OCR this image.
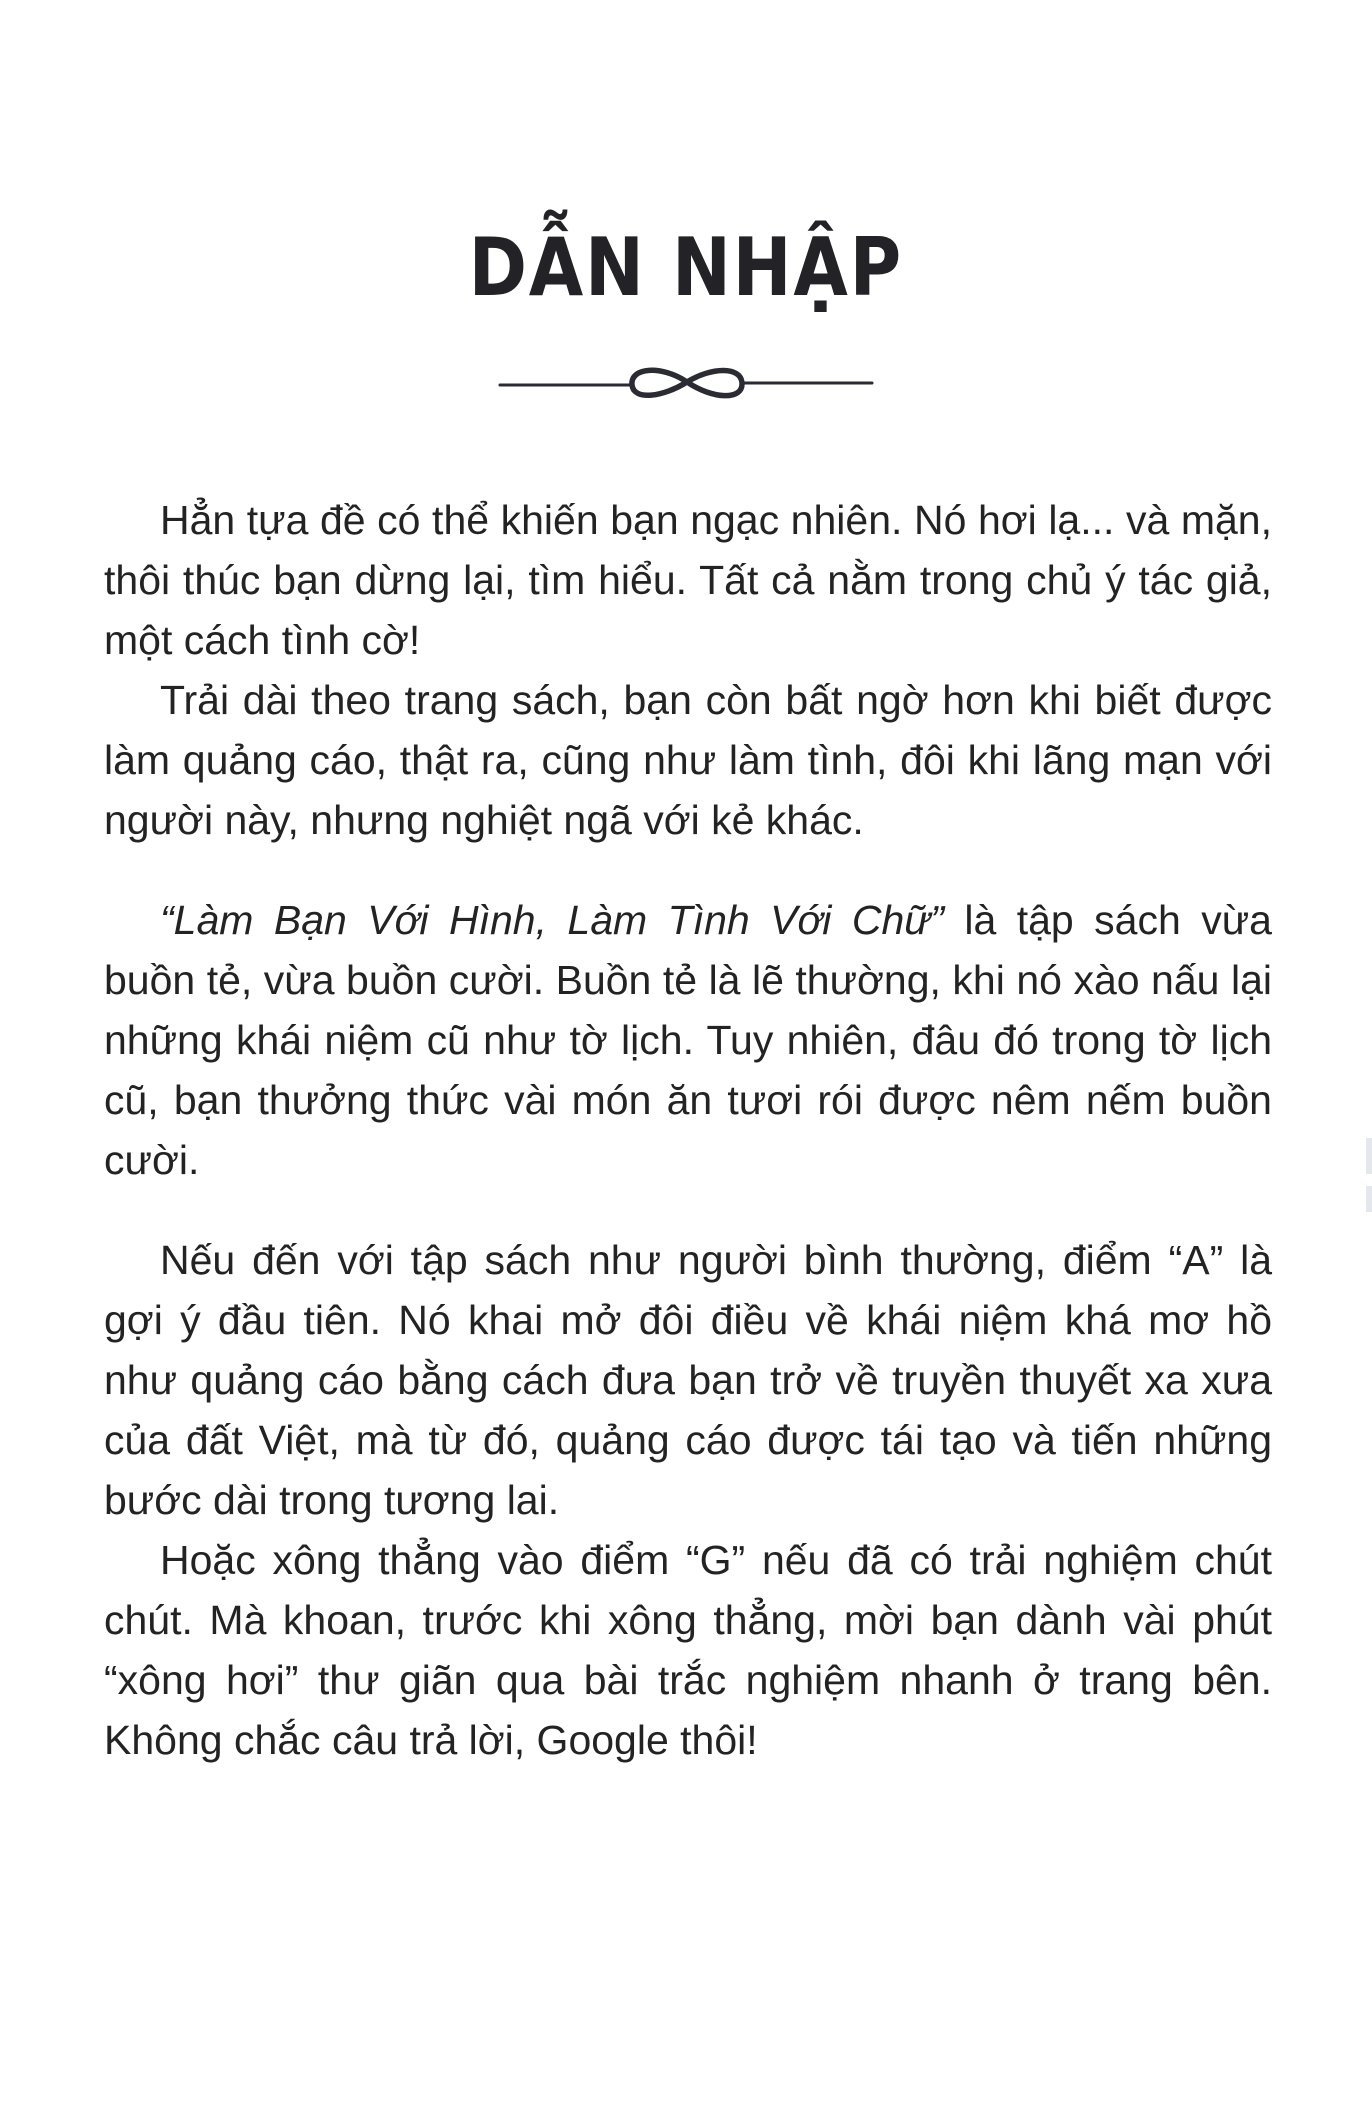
DẪN NHẬP

Hẳn tựa đề có thể khiến bạn ngạc nhiên. Nó hơi lạ... và mặn, thôi thúc bạn dừng lại, tìm hiểu. Tất cả nằm trong chủ ý tác giả, một cách tình cờ!

Trải dài theo trang sách, bạn còn bất ngờ hơn khi biết được làm quảng cáo, thật ra, cũng như làm tình, đôi khi lãng mạn với người này, nhưng nghiệt ngã với kẻ khác.

“Làm Bạn Với Hình, Làm Tình Với Chữ” là tập sách vừa buồn tẻ, vừa buồn cười. Buồn tẻ là lẽ thường, khi nó xào nấu lại những khái niệm cũ như tờ lịch. Tuy nhiên, đâu đó trong tờ lịch cũ, bạn thưởng thức vài món ăn tươi rói được nêm nếm buồn cười.

Nếu đến với tập sách như người bình thường, điểm “A” là gợi ý đầu tiên. Nó khai mở đôi điều về khái niệm khá mơ hồ như quảng cáo bằng cách đưa bạn trở về truyền thuyết xa xưa của đất Việt, mà từ đó, quảng cáo được tái tạo và tiến những bước dài trong tương lai.

Hoặc xông thẳng vào điểm “G” nếu đã có trải nghiệm chút chút. Mà khoan, trước khi xông thẳng, mời bạn dành vài phút “xông hơi” thư giãn qua bài trắc nghiệm nhanh ở trang bên. Không chắc câu trả lời, Google thôi!
